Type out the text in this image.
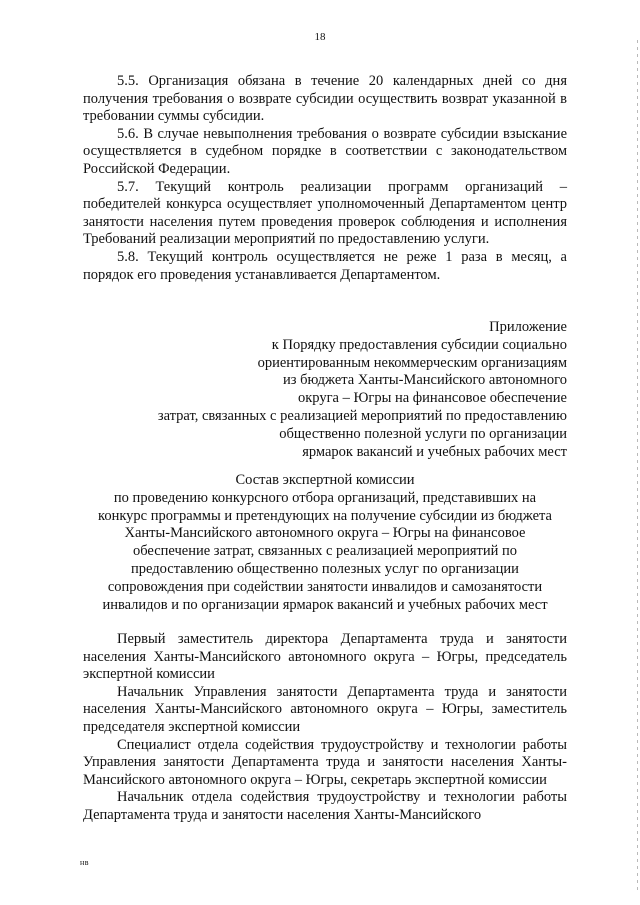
18

5.5. Организация обязана в течение 20 календарных дней со дня получения требования о возврате субсидии осуществить возврат указанной в требовании суммы субсидии.

5.6. В случае невыполнения требования о возврате субсидии взыскание осуществляется в судебном порядке в соответствии с законодательством Российской Федерации.

5.7. Текущий контроль реализации программ организаций – победителей конкурса осуществляет уполномоченный Департаментом центр занятости населения путем проведения проверок соблюдения и исполнения Требований реализации мероприятий по предоставлению услуги.

5.8. Текущий контроль осуществляется не реже 1 раза в месяц, а порядок его проведения устанавливается Департаментом.

Приложение
к Порядку предоставления субсидии социально
ориентированным некоммерческим организациям
из бюджета Ханты-Мансийского автономного
округа – Югры на финансовое обеспечение
затрат, связанных с реализацией мероприятий по предоставлению
общественно полезной услуги по организации
ярмарок вакансий и учебных рабочих мест
Состав экспертной комиссии
по проведению конкурсного отбора организаций, представивших на
конкурс программы и претендующих на получение субсидии из бюджета
Ханты-Мансийского автономного округа – Югры на финансовое
обеспечение затрат, связанных с реализацией мероприятий по
предоставлению общественно полезных услуг по организации
сопровождения при содействии занятости инвалидов и самозанятости
инвалидов и по организации ярмарок вакансий и учебных рабочих мест

Первый заместитель директора Департамента труда и занятости населения Ханты-Мансийского автономного округа – Югры, председатель экспертной комиссии

Начальник Управления занятости Департамента труда и занятости населения Ханты-Мансийского автономного округа – Югры, заместитель председателя экспертной комиссии

Специалист отдела содействия трудоустройству и технологии работы Управления занятости Департамента труда и занятости населения Ханты-Мансийского автономного округа – Югры, секретарь экспертной комиссии

Начальник отдела содействия трудоустройству и технологии работы Департамента труда и занятости населения Ханты-Мансийского

нв
